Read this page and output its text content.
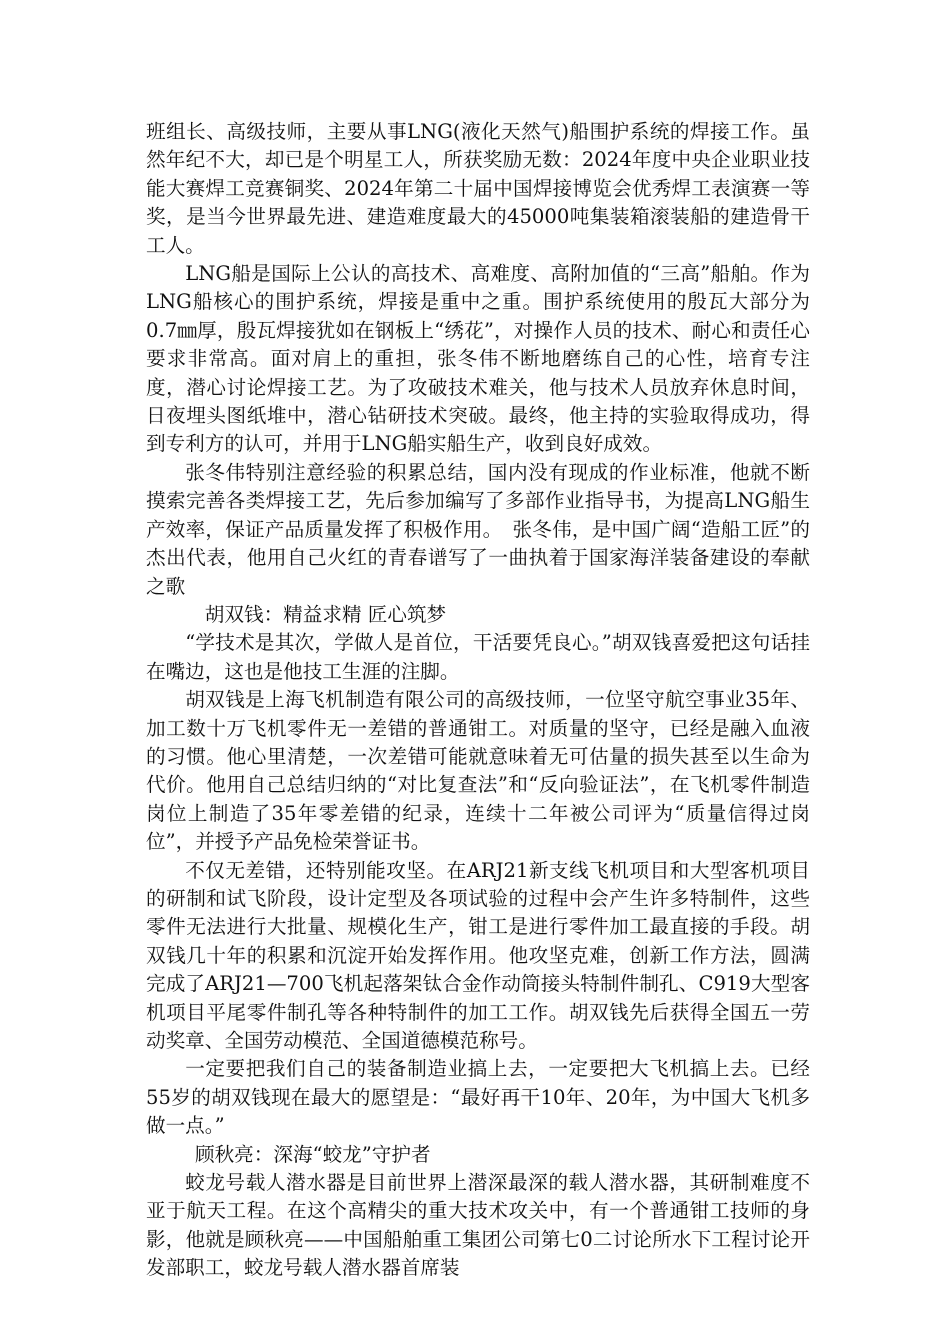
班组长、高级技师，主要从事LNG(液化天然气)船围护系统的焊接工作。虽然年纪不大，却已是个明星工人，所获奖励无数：2024年度中央企业职业技能大赛焊工竞赛铜奖、2024年第二十届中国焊接博览会优秀焊工表演赛一等奖，是当今世界最先进、建造难度最大的45000吨集装箱滚装船的建造骨干工人。

LNG船是国际上公认的高技术、高难度、高附加值的“三高”船舶。作为LNG船核心的围护系统，焊接是重中之重。围护系统使用的殷瓦大部分为0.7㎜厚，殷瓦焊接犹如在钢板上“绣花”，对操作人员的技术、耐心和责任心要求非常高。面对肩上的重担，张冬伟不断地磨练自己的心性，培育专注度，潜心讨论焊接工艺。为了攻破技术难关，他与技术人员放弃休息时间，日夜埋头图纸堆中，潜心钻研技术突破。最终，他主持的实验取得成功，得到专利方的认可，并用于LNG船实船生产，收到良好成效。

张冬伟特别注意经验的积累总结，国内没有现成的作业标准，他就不断摸索完善各类焊接工艺，先后参加编写了多部作业指导书，为提高LNG船生产效率，保证产品质量发挥了积极作用。　张冬伟，是中国广阔“造船工匠”的杰出代表，他用自己火红的青春谱写了一曲执着于国家海洋装备建设的奉献之歌

胡双钱：精益求精 匠心筑梦

“学技术是其次，学做人是首位，干活要凭良心。”胡双钱喜爱把这句话挂在嘴边，这也是他技工生涯的注脚。

胡双钱是上海飞机制造有限公司的高级技师，一位坚守航空事业35年、加工数十万飞机零件无一差错的普通钳工。对质量的坚守，已经是融入血液的习惯。他心里清楚，一次差错可能就意味着无可估量的损失甚至以生命为代价。他用自己总结归纳的“对比复查法”和“反向验证法”，在飞机零件制造岗位上制造了35年零差错的纪录，连续十二年被公司评为“质量信得过岗位”，并授予产品免检荣誉证书。

不仅无差错，还特别能攻坚。在ARJ21新支线飞机项目和大型客机项目的研制和试飞阶段，设计定型及各项试验的过程中会产生许多特制件，这些零件无法进行大批量、规模化生产，钳工是进行零件加工最直接的手段。胡双钱几十年的积累和沉淀开始发挥作用。他攻坚克难，创新工作方法，圆满完成了ARJ21—700飞机起落架钛合金作动筒接头特制件制孔、C919大型客机项目平尾零件制孔等各种特制件的加工工作。胡双钱先后获得全国五一劳动奖章、全国劳动模范、全国道德模范称号。

一定要把我们自己的装备制造业搞上去，一定要把大飞机搞上去。已经55岁的胡双钱现在最大的愿望是：“最好再干10年、20年，为中国大飞机多做一点。”

顾秋亮：深海“蛟龙”守护者

蛟龙号载人潜水器是目前世界上潜深最深的载人潜水器，其研制难度不亚于航天工程。在这个高精尖的重大技术攻关中，有一个普通钳工技师的身影，他就是顾秋亮——中国船舶重工集团公司第七0二讨论所水下工程讨论开发部职工，蛟龙号载人潜水器首席装
